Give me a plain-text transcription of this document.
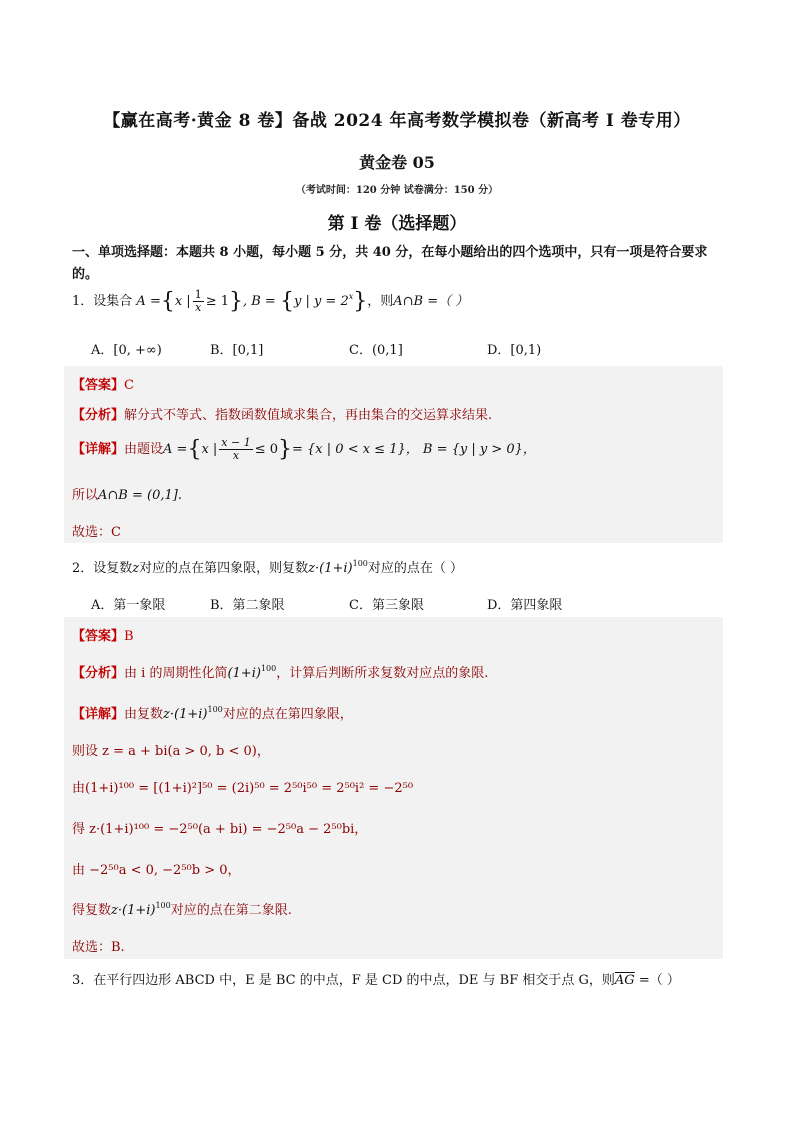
【赢在高考·黄金 8 卷】备战 2024 年高考数学模拟卷（新高考 I 卷专用）
黄金卷 05
（考试时间：120 分钟 试卷满分：150 分）
第 I 卷（选择题）
一、单项选择题：本题共 8 小题，每小题 5 分，共 40 分，在每小题给出的四个选项中，只有一项是符合要求的。
1．设集合 A ={x | $\frac{1}{x} \ge 1$}, B = {y | $y = 2^x$}，则A∩B =（ ）
A．[0, +∞)	B．[0,1]	C．(0,1]	D．[0,1)
【答案】C
【分析】解分式不等式、指数函数值域求集合，再由集合的交运算求结果.
【详解】由题设A ={x | $\frac{x - 1}{x} \le 0\}= \{x$ | 0 < x ≤ 1}， B = {y | y > 0}，
所以A∩B = (0,1].
故选：C
2．设复数z对应的点在第四象限，则复数$z\cdot(1+i)^{100}$对应的点在（ ）
A．第一象限	B．第二象限	C．第三象限	D．第四象限
【答案】B
【分析】由 i 的周期性化简$(1+i)^{100}$，计算后判断所求复数对应点的象限.
【详解】由复数$z\cdot(1+i)^{100}$对应的点在第四象限，
则设 z = a + bi(a > 0, b < 0)，
由(1+i)¹⁰⁰ = [(1+i)²]⁵⁰ = (2i)⁵⁰ = 2⁵⁰i⁵⁰ = 2⁵⁰i² = −2⁵⁰
得 z·(1+i)¹⁰⁰ = −2⁵⁰(a + bi) = −2⁵⁰a − 2⁵⁰bi，
由 −2⁵⁰a < 0, −2⁵⁰b > 0，
得复数$z\cdot(1+i)^{100}$对应的点在第二象限.
故选：B.
3．在平行四边形 ABCD 中，E 是 BC 的中点，F 是 CD 的中点，DE 与 BF 相交于点 G，则$\overline{AG}$ =（ ）
